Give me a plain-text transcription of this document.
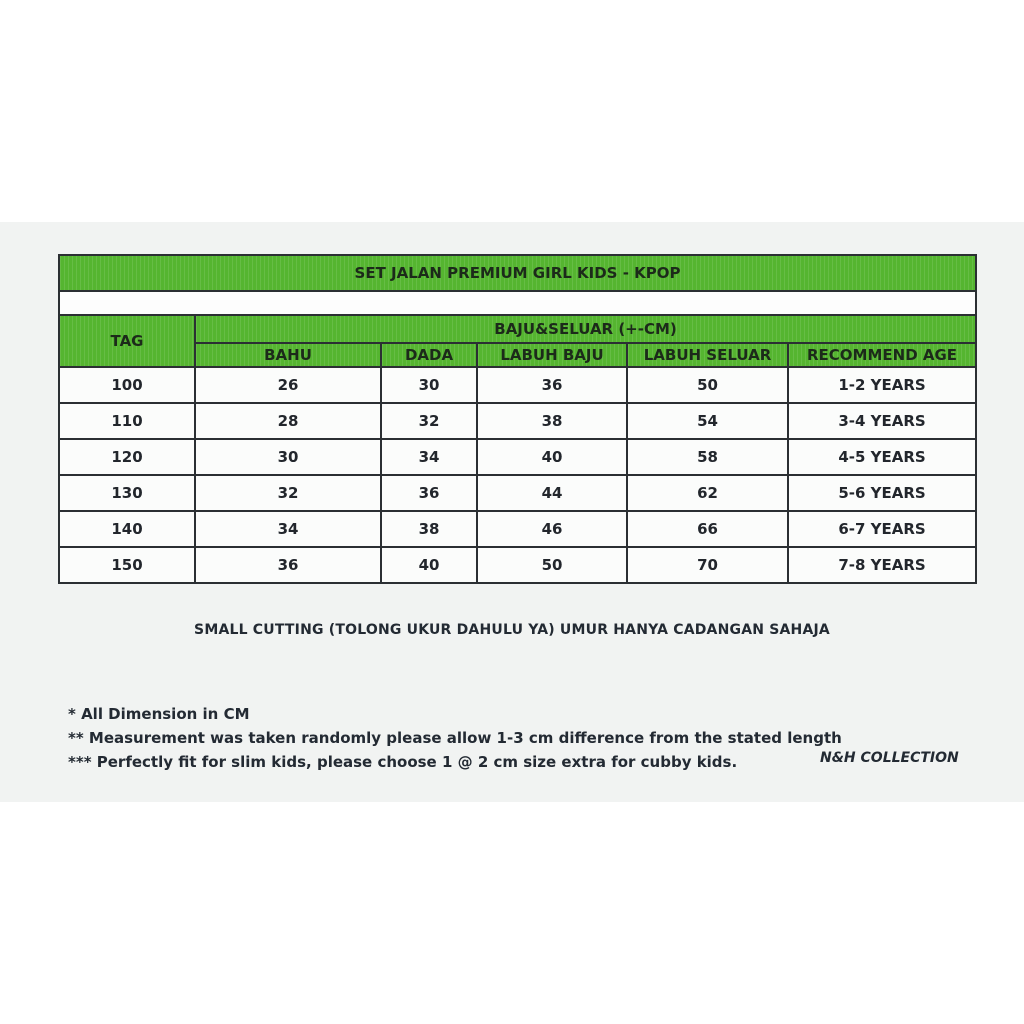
SET JALAN PREMIUM GIRL KIDS - KPOP					

TAG	BAJU&SELUAR (+-CM)				
	BAHU	DADA	LABUH BAJU	LABUH SELUAR	RECOMMEND AGE
100	26	30	36	50	1-2 YEARS
110	28	32	38	54	3-4 YEARS
120	30	34	40	58	4-5 YEARS
130	32	36	44	62	5-6 YEARS
140	34	38	46	66	6-7 YEARS
150	36	40	50	70	7-8 YEARS
SMALL CUTTING (TOLONG UKUR DAHULU YA) UMUR HANYA CADANGAN SAHAJA
* All Dimension in CM
** Measurement was taken randomly please allow 1-3 cm difference from the stated length
*** Perfectly fit for slim kids, please choose 1 @ 2 cm size extra for cubby kids.	N&H COLLECTION
